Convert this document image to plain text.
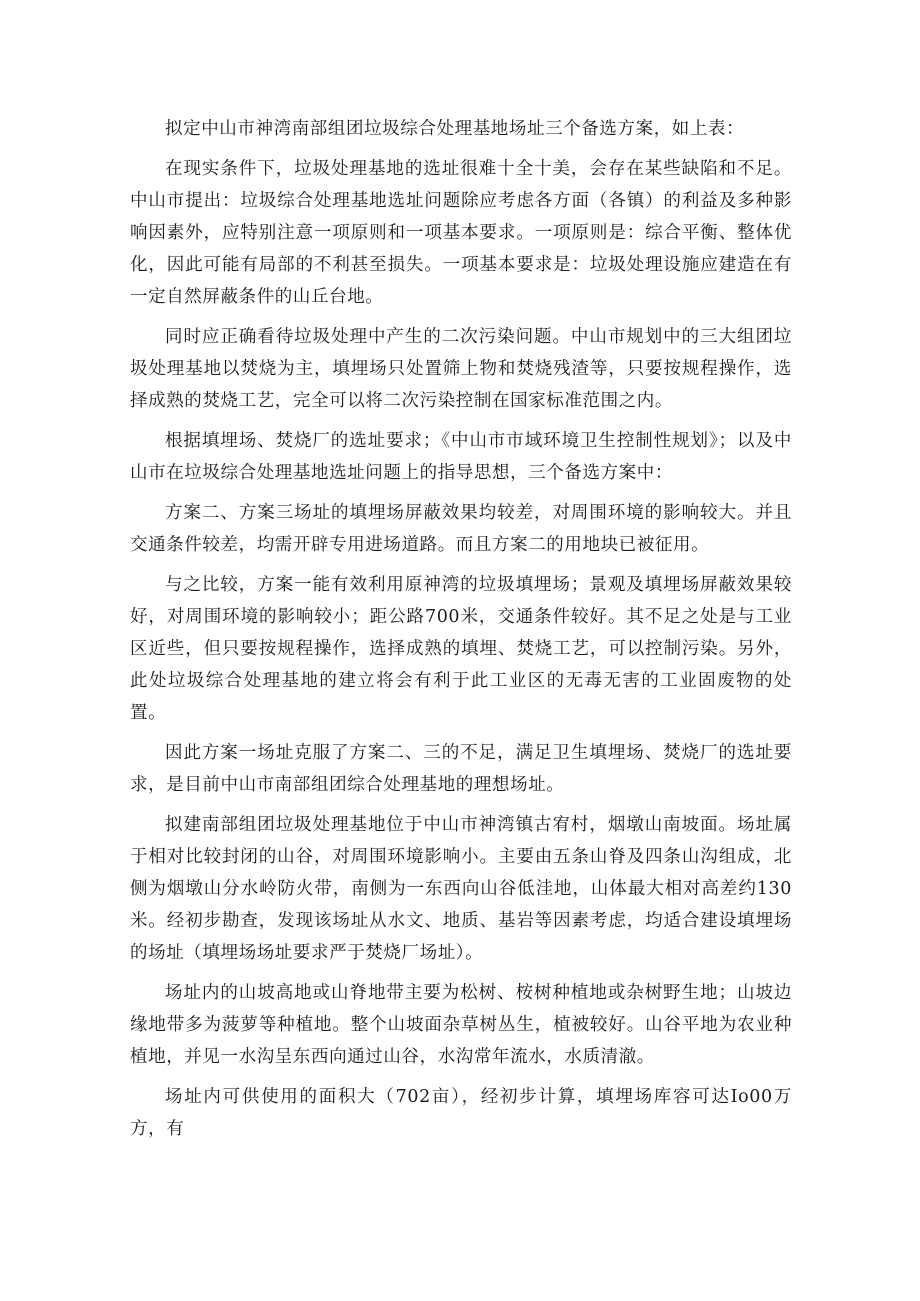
拟定中山市神湾南部组团垃圾综合处理基地场址三个备选方案，如上表：

在现实条件下，垃圾处理基地的选址很难十全十美，会存在某些缺陷和不足。中山市提出：垃圾综合处理基地选址问题除应考虑各方面（各镇）的利益及多种影响因素外，应特别注意一项原则和一项基本要求。一项原则是：综合平衡、整体优化，因此可能有局部的不利甚至损失。一项基本要求是：垃圾处理设施应建造在有一定自然屏蔽条件的山丘台地。

同时应正确看待垃圾处理中产生的二次污染问题。中山市规划中的三大组团垃圾处理基地以焚烧为主，填埋场只处置筛上物和焚烧残渣等，只要按规程操作，选择成熟的焚烧工艺，完全可以将二次污染控制在国家标准范围之内。

根据填埋场、焚烧厂的选址要求；《中山市市域环境卫生控制性规划》；以及中山市在垃圾综合处理基地选址问题上的指导思想，三个备选方案中：

方案二、方案三场址的填埋场屏蔽效果均较差，对周围环境的影响较大。并且交通条件较差，均需开辟专用进场道路。而且方案二的用地块已被征用。

与之比较，方案一能有效利用原神湾的垃圾填埋场；景观及填埋场屏蔽效果较好，对周围环境的影响较小；距公路700米，交通条件较好。其不足之处是与工业区近些，但只要按规程操作，选择成熟的填埋、焚烧工艺，可以控制污染。另外，此处垃圾综合处理基地的建立将会有利于此工业区的无毒无害的工业固废物的处置。

因此方案一场址克服了方案二、三的不足，满足卫生填埋场、焚烧厂的选址要求，是目前中山市南部组团综合处理基地的理想场址。

拟建南部组团垃圾处理基地位于中山市神湾镇古宥村，烟墩山南坡面。场址属于相对比较封闭的山谷，对周围环境影响小。主要由五条山脊及四条山沟组成，北侧为烟墩山分水岭防火带，南侧为一东西向山谷低洼地，山体最大相对高差约130米。经初步勘查，发现该场址从水文、地质、基岩等因素考虑，均适合建设填埋场的场址（填埋场场址要求严于焚烧厂场址）。

场址内的山坡高地或山脊地带主要为松树、桉树种植地或杂树野生地；山坡边缘地带多为菠萝等种植地。整个山坡面杂草树丛生，植被较好。山谷平地为农业种植地，并见一水沟呈东西向通过山谷，水沟常年流水，水质清澈。

场址内可供使用的面积大（702亩），经初步计算，填埋场库容可达Io00万方，有
